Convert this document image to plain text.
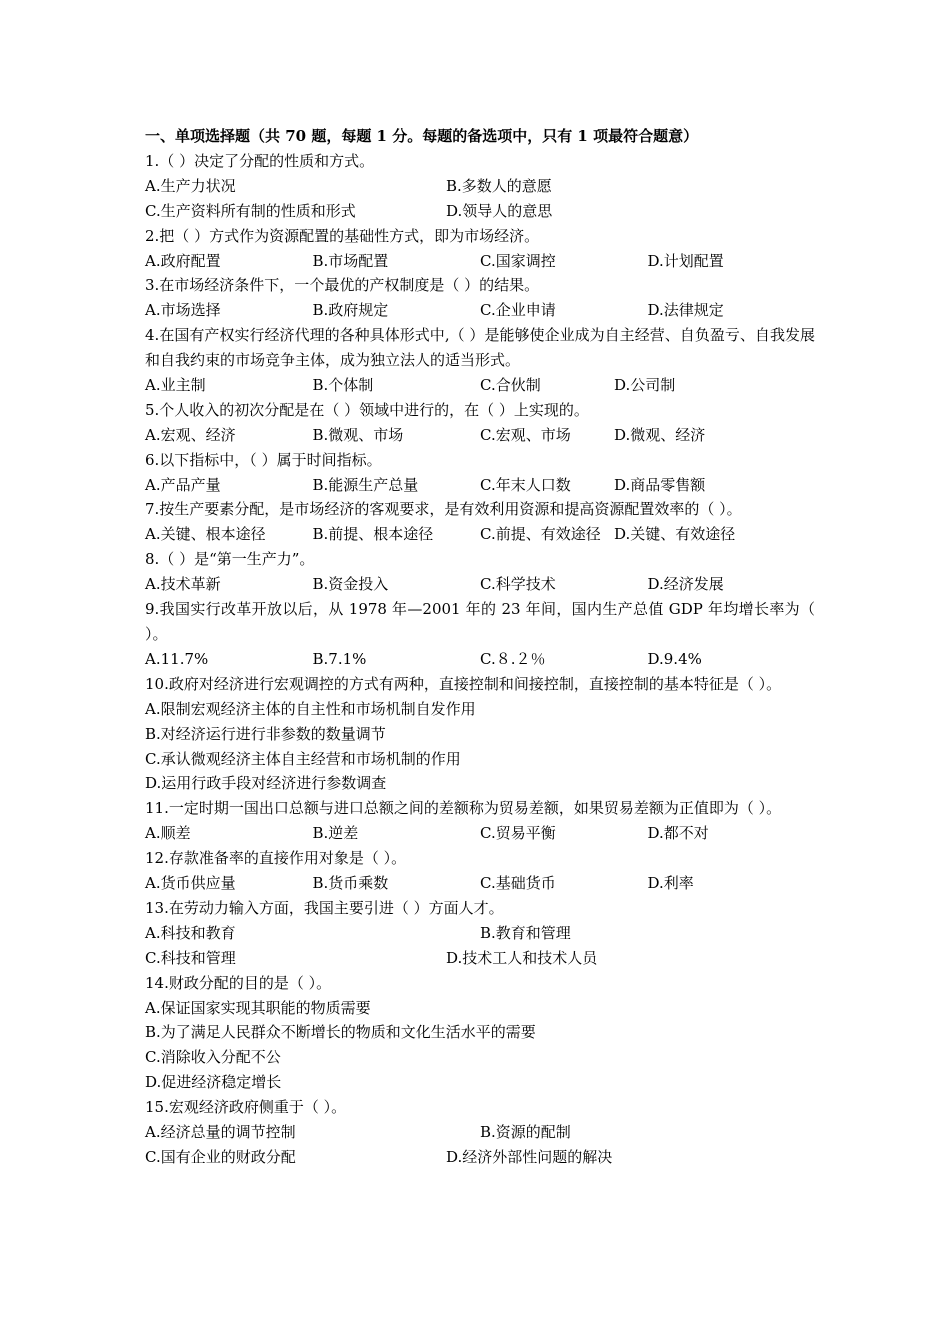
一、单项选择题（共 70 题，每题 1 分。每题的备选项中，只有 1 项最符合题意）
1.（ ）决定了分配的性质和方式。
A.生产力状况	B.多数人的意愿
C.生产资料所有制的性质和形式	D.领导人的意思
2.把（ ）方式作为资源配置的基础性方式，即为市场经济。
A.政府配置	B.市场配置	C.国家调控	D.计划配置
3.在市场经济条件下，一个最优的产权制度是（ ）的结果。
A.市场选择	B.政府规定	C.企业申请	D.法律规定
4.在国有产权实行经济代理的各种具体形式中,（ ）是能够使企业成为自主经营、自负盈亏、自我发展和自我约束的市场竞争主体，成为独立法人的适当形式。
A.业主制	B.个体制	C.合伙制	D.公司制
5.个人收入的初次分配是在（ ）领域中进行的，在（ ）上实现的。
A.宏观、经济	B.微观、市场	C.宏观、市场	D.微观、经济
6.以下指标中，（ ）属于时间指标。
A.产品产量	B.能源生产总量	C.年末人口数	D.商品零售额
7.按生产要素分配，是市场经济的客观要求，是有效利用资源和提高资源配置效率的（ ）。
A.关键、根本途径	B.前提、根本途径	C.前提、有效途径 D.关键、有效途径
8.（ ）是“第一生产力”。
A.技术革新	B.资金投入	C.科学技术	D.经济发展
9.我国实行改革开放以后，从 1978 年—2001 年的 23 年间，国内生产总值 GDP 年均增长率为（ ）。
A.11.7%	B.7.1%	C.８.２％	D.9.4%
10.政府对经济进行宏观调控的方式有两种，直接控制和间接控制，直接控制的基本特征是（ ）。
A.限制宏观经济主体的自主性和市场机制自发作用
B.对经济运行进行非参数的数量调节
C.承认微观经济主体自主经营和市场机制的作用
D.运用行政手段对经济进行参数调查
11.一定时期一国出口总额与进口总额之间的差额称为贸易差额，如果贸易差额为正值即为（ ）。
A.顺差	B.逆差	C.贸易平衡	D.都不对
12.存款准备率的直接作用对象是（ ）。
A.货币供应量	B.货币乘数	C.基础货币	D.利率
13.在劳动力输入方面，我国主要引进（ ）方面人才。
A.科技和教育	B.教育和管理
C.科技和管理	D.技术工人和技术人员
14.财政分配的目的是（ ）。
A.保证国家实现其职能的物质需要
B.为了满足人民群众不断增长的物质和文化生活水平的需要
C.消除收入分配不公
D.促进经济稳定增长
15.宏观经济政府侧重于（ ）。
A.经济总量的调节控制	B.资源的配制
C.国有企业的财政分配	D.经济外部性问题的解决
